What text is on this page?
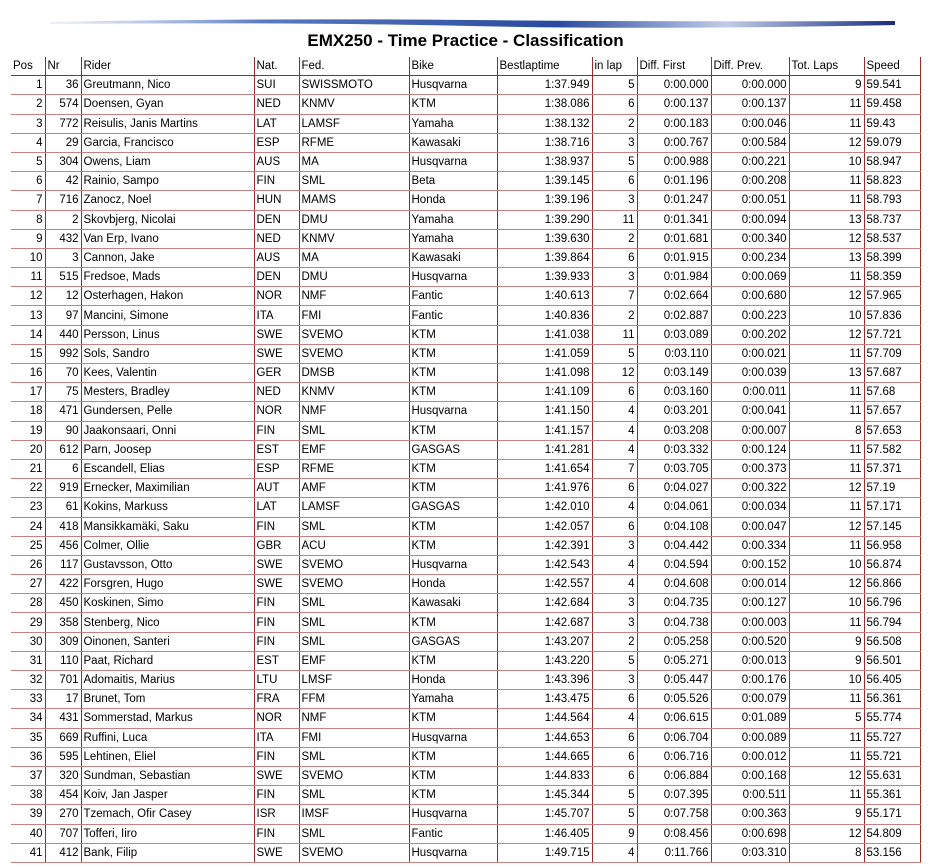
EMX250 - Time Practice - Classification
Pos	Nr	Rider	Nat.	Fed.	Bike	Bestlaptime	in lap	Diff. First	Diff. Prev.	Tot. Laps	Speed
1	36	Greutmann, Nico	SUI	SWISSMOTO	Husqvarna	1:37.949	5	0:00.000	0:00.000	9	59.541
2	574	Doensen, Gyan	NED	KNMV	KTM	1:38.086	6	0:00.137	0:00.137	11	59.458
3	772	Reisulis, Janis Martins	LAT	LAMSF	Yamaha	1:38.132	2	0:00.183	0:00.046	11	59.43
4	29	Garcia, Francisco	ESP	RFME	Kawasaki	1:38.716	3	0:00.767	0:00.584	12	59.079
5	304	Owens, Liam	AUS	MA	Husqvarna	1:38.937	5	0:00.988	0:00.221	10	58.947
6	42	Rainio, Sampo	FIN	SML	Beta	1:39.145	6	0:01.196	0:00.208	11	58.823
7	716	Zanocz, Noel	HUN	MAMS	Honda	1:39.196	3	0:01.247	0:00.051	11	58.793
8	2	Skovbjerg, Nicolai	DEN	DMU	Yamaha	1:39.290	11	0:01.341	0:00.094	13	58.737
9	432	Van Erp, Ivano	NED	KNMV	Yamaha	1:39.630	2	0:01.681	0:00.340	12	58.537
10	3	Cannon, Jake	AUS	MA	Kawasaki	1:39.864	6	0:01.915	0:00.234	13	58.399
11	515	Fredsoe, Mads	DEN	DMU	Husqvarna	1:39.933	3	0:01.984	0:00.069	11	58.359
12	12	Osterhagen, Hakon	NOR	NMF	Fantic	1:40.613	7	0:02.664	0:00.680	12	57.965
13	97	Mancini, Simone	ITA	FMI	Fantic	1:40.836	2	0:02.887	0:00.223	10	57.836
14	440	Persson, Linus	SWE	SVEMO	KTM	1:41.038	11	0:03.089	0:00.202	12	57.721
15	992	Sols, Sandro	SWE	SVEMO	KTM	1:41.059	5	0:03.110	0:00.021	11	57.709
16	70	Kees, Valentin	GER	DMSB	KTM	1:41.098	12	0:03.149	0:00.039	13	57.687
17	75	Mesters, Bradley	NED	KNMV	KTM	1:41.109	6	0:03.160	0:00.011	11	57.68
18	471	Gundersen, Pelle	NOR	NMF	Husqvarna	1:41.150	4	0:03.201	0:00.041	11	57.657
19	90	Jaakonsaari, Onni	FIN	SML	KTM	1:41.157	4	0:03.208	0:00.007	8	57.653
20	612	Parn, Joosep	EST	EMF	GASGAS	1:41.281	4	0:03.332	0:00.124	11	57.582
21	6	Escandell, Elias	ESP	RFME	KTM	1:41.654	7	0:03.705	0:00.373	11	57.371
22	919	Ernecker, Maximilian	AUT	AMF	KTM	1:41.976	6	0:04.027	0:00.322	12	57.19
23	61	Kokins, Markuss	LAT	LAMSF	GASGAS	1:42.010	4	0:04.061	0:00.034	11	57.171
24	418	Mansikkamäki, Saku	FIN	SML	KTM	1:42.057	6	0:04.108	0:00.047	12	57.145
25	456	Colmer, Ollie	GBR	ACU	KTM	1:42.391	3	0:04.442	0:00.334	11	56.958
26	117	Gustavsson, Otto	SWE	SVEMO	Husqvarna	1:42.543	4	0:04.594	0:00.152	10	56.874
27	422	Forsgren, Hugo	SWE	SVEMO	Honda	1:42.557	4	0:04.608	0:00.014	12	56.866
28	450	Koskinen, Simo	FIN	SML	Kawasaki	1:42.684	3	0:04.735	0:00.127	10	56.796
29	358	Stenberg, Nico	FIN	SML	KTM	1:42.687	3	0:04.738	0:00.003	11	56.794
30	309	Oinonen, Santeri	FIN	SML	GASGAS	1:43.207	2	0:05.258	0:00.520	9	56.508
31	110	Paat, Richard	EST	EMF	KTM	1:43.220	5	0:05.271	0:00.013	9	56.501
32	701	Adomaitis, Marius	LTU	LMSF	Honda	1:43.396	3	0:05.447	0:00.176	10	56.405
33	17	Brunet, Tom	FRA	FFM	Yamaha	1:43.475	6	0:05.526	0:00.079	11	56.361
34	431	Sommerstad, Markus	NOR	NMF	KTM	1:44.564	4	0:06.615	0:01.089	5	55.774
35	669	Ruffini, Luca	ITA	FMI	Husqvarna	1:44.653	6	0:06.704	0:00.089	11	55.727
36	595	Lehtinen, Eliel	FIN	SML	KTM	1:44.665	6	0:06.716	0:00.012	11	55.721
37	320	Sundman, Sebastian	SWE	SVEMO	KTM	1:44.833	6	0:06.884	0:00.168	12	55.631
38	454	Koiv, Jan Jasper	FIN	SML	KTM	1:45.344	5	0:07.395	0:00.511	11	55.361
39	270	Tzemach, Ofir Casey	ISR	IMSF	Husqvarna	1:45.707	5	0:07.758	0:00.363	9	55.171
40	707	Tofferi, Iiro	FIN	SML	Fantic	1:46.405	9	0:08.456	0:00.698	12	54.809
41	412	Bank, Filip	SWE	SVEMO	Husqvarna	1:49.715	4	0:11.766	0:03.310	8	53.156
